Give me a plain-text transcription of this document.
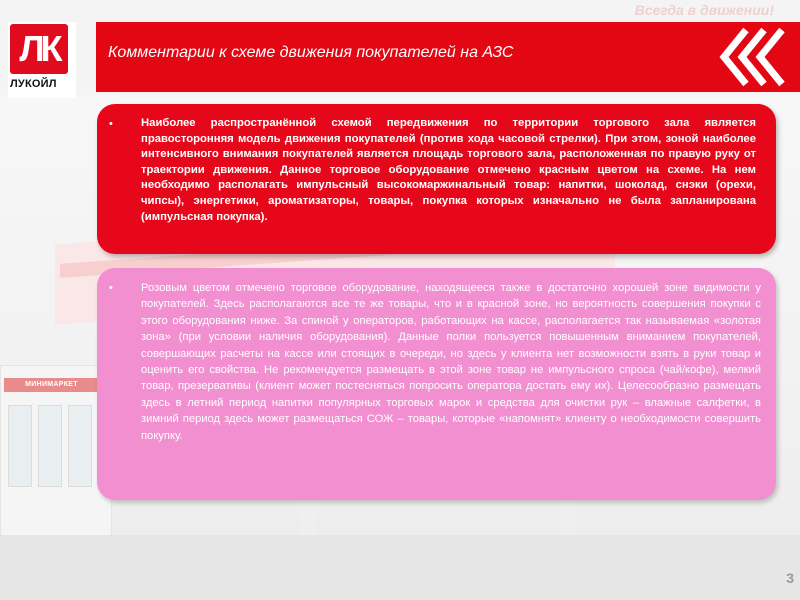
МИНИМАРКЕТ
Всегда в движении!
ЛК
ЛУКОЙЛ
Комментарии к схеме движения покупателей на АЗС
• Наиболее распространённой схемой передвижения по территории торгового зала является правосторонняя модель движения покупателей (против хода часовой стрелки). При этом, зоной наиболее интенсивного внимания покупателей является площадь торгового зала, расположенная по правую руку от траектории движения. Данное торговое оборудование отмечено красным цветом на схеме. На нем необходимо располагать импульсный высокомаржинальный товар: напитки, шоколад, снэки (орехи, чипсы), энергетики, ароматизаторы, товары, покупка которых изначально не была запланирована (импульсная покупка).
•	Розовым цветом отмечено торговое оборудование, находящееся также в достаточно хорошей зоне видимости у покупателей. Здесь располагаются все те же товары, что и в красной зоне, но вероятность совершения покупки с этого оборудования ниже. За спиной у операторов, работающих на кассе, располагается так называемая «золотая зона» (при условии наличия оборудования). Данные полки пользуется повышенным вниманием покупателей, совершающих расчеты на кассе или стоящих в очереди, но здесь у клиента нет возможности взять в руки товар и оценить его свойства. Не рекомендуется размещать в этой зоне товар не импульсного спроса (чай/кофе), мелкий товар, презервативы (клиент может постесняться попросить оператора достать ему их). Целесообразно размещать здесь в летний период напитки популярных торговых марок и средства для очистки рук – влажные салфетки, в зимний период здесь может размещаться СОЖ – товары, которые «напомнят» клиенту о необходимости совершить покупку.
3
